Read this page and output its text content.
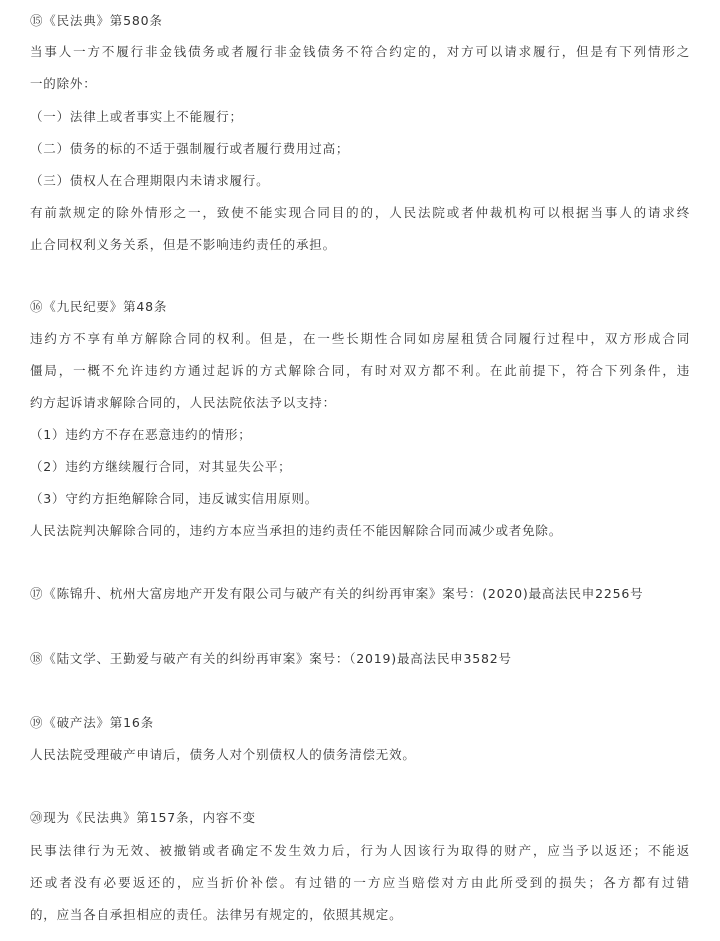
⑮《民法典》第580条
当事人一方不履行非金钱债务或者履行非金钱债务不符合约定的，对方可以请求履行，但是有下列情形之
一的除外：
（一）法律上或者事实上不能履行；
（二）债务的标的不适于强制履行或者履行费用过高；
（三）债权人在合理期限内未请求履行。
有前款规定的除外情形之一，致使不能实现合同目的的，人民法院或者仲裁机构可以根据当事人的请求终
止合同权利义务关系，但是不影响违约责任的承担。
⑯《九民纪要》第48条
违约方不享有单方解除合同的权利。但是，在一些长期性合同如房屋租赁合同履行过程中，双方形成合同
僵局，一概不允许违约方通过起诉的方式解除合同，有时对双方都不利。在此前提下，符合下列条件，违
约方起诉请求解除合同的，人民法院依法予以支持：
（1）违约方不存在恶意违约的情形；
（2）违约方继续履行合同，对其显失公平；
（3）守约方拒绝解除合同，违反诚实信用原则。
人民法院判决解除合同的，违约方本应当承担的违约责任不能因解除合同而减少或者免除。
⑰《陈锦升、杭州大富房地产开发有限公司与破产有关的纠纷再审案》案号：(2020)最高法民申2256号
⑱《陆文学、王勤爱与破产有关的纠纷再审案》案号：（2019)最高法民申3582号
⑲《破产法》第16条
人民法院受理破产申请后，债务人对个别债权人的债务清偿无效。
⑳现为《民法典》第157条，内容不变
民事法律行为无效、被撤销或者确定不发生效力后，行为人因该行为取得的财产，应当予以返还；不能返
还或者没有必要返还的，应当折价补偿。有过错的一方应当赔偿对方由此所受到的损失；各方都有过错
的，应当各自承担相应的责任。法律另有规定的，依照其规定。
